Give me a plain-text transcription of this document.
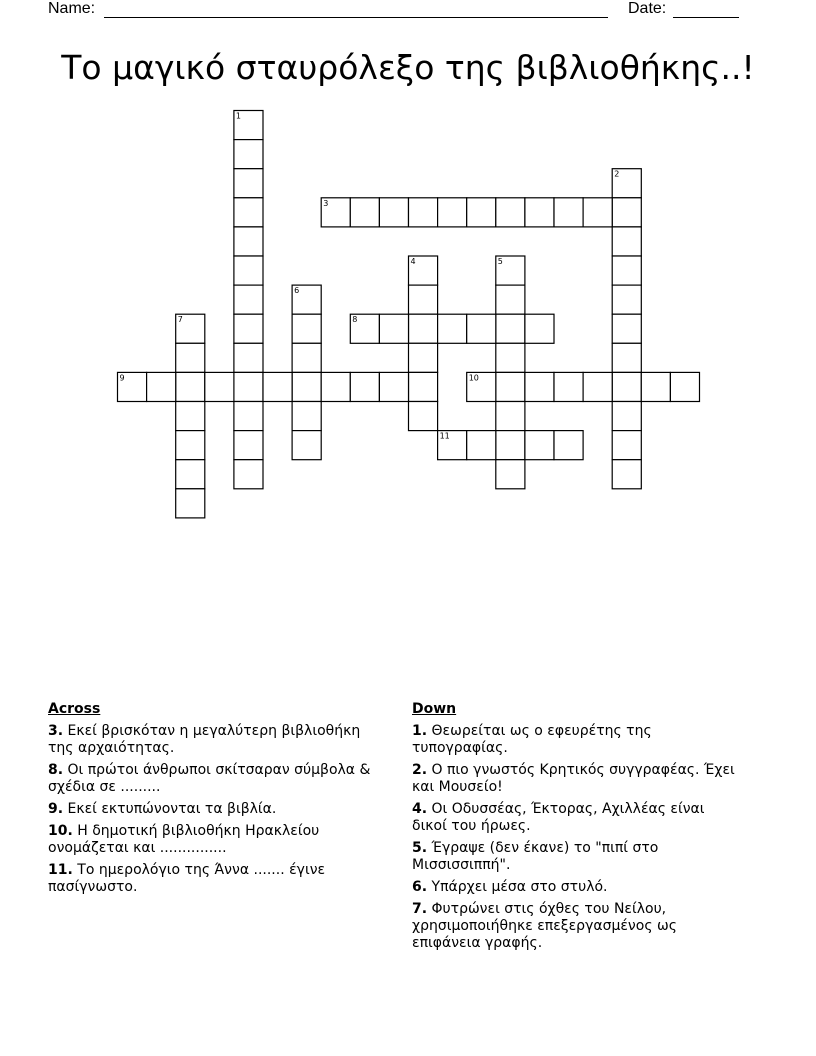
Name:	Date:
Το μαγικό σταυρόλεξο της βιβλιοθήκης..!
1
2
3
4	5
6
7	8
9	10
11
Across
3. Εκεί βρισκόταν η μεγαλύτερη βιβλιοθήκη της αρχαιότητας.
8. Οι πρώτοι άνθρωποι σκίτσαραν σύμβολα & σχέδια σε .........
9. Εκεί εκτυπώνονται τα βιβλία.
10. Η δημοτική βιβλιοθήκη Ηρακλείου ονομάζεται και ...............
11. Το ημερολόγιο της Άννα ....... έγινε πασίγνωστο.
Down
1. Θεωρείται ως ο εφευρέτης της τυπογραφίας.
2. Ο πιο γνωστός Κρητικός συγγραφέας. Έχει και Μουσείο!
4. Οι Οδυσσέας, Έκτορας, Αχιλλέας είναι δικοί του ήρωες.
5. Έγραψε (δεν έκανε) το "πιπί στο Μισσισσιππή".
6. Υπάρχει μέσα στο στυλό.
7. Φυτρώνει στις όχθες του Νείλου, χρησιμοποιήθηκε επεξεργασμένος ως επιφάνεια γραφής.
